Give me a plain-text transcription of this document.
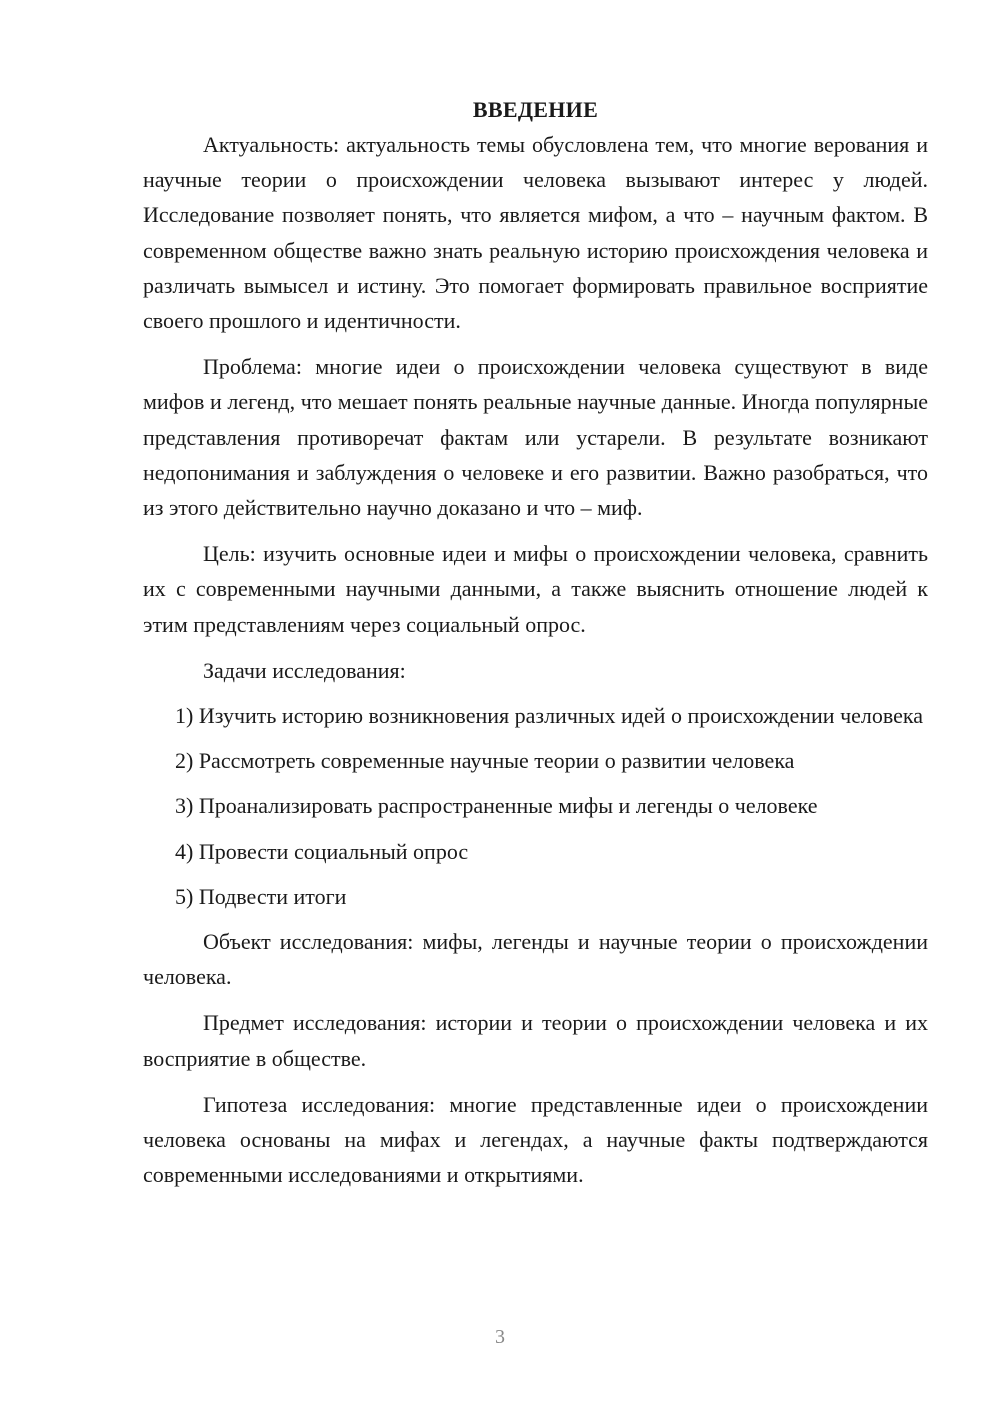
ВВЕДЕНИЕ

Актуальность: актуальность темы обусловлена тем, что многие верования и научные теории о происхождении человека вызывают интерес у людей. Исследование позволяет понять, что является мифом, а что – научным фактом. В современном обществе важно знать реальную историю происхождения человека и различать вымысел и истину. Это помогает формировать правильное восприятие своего прошлого и идентичности.

Проблема: многие идеи о происхождении человека существуют в виде мифов и легенд, что мешает понять реальные научные данные. Иногда популярные представления противоречат фактам или устарели. В результате возникают недопонимания и заблуждения о человеке и его развитии. Важно разобраться, что из этого действительно научно доказано и что – миф.

Цель: изучить основные идеи и мифы о происхождении человека, сравнить их с современными научными данными, а также выяснить отношение людей к этим представлениям через социальный опрос.

Задачи исследования:

1) Изучить историю возникновения различных идей о происхождении человека

2) Рассмотреть современные научные теории о развитии человека

3) Проанализировать распространенные мифы и легенды о человеке

4) Провести социальный опрос

5) Подвести итоги

Объект исследования: мифы, легенды и научные теории о происхождении человека.

Предмет исследования: истории и теории о происхождении человека и их восприятие в обществе.

Гипотеза исследования: многие представленные идеи о происхождении человека основаны на мифах и легендах, а научные факты подтверждаются современными исследованиями и открытиями.

3
